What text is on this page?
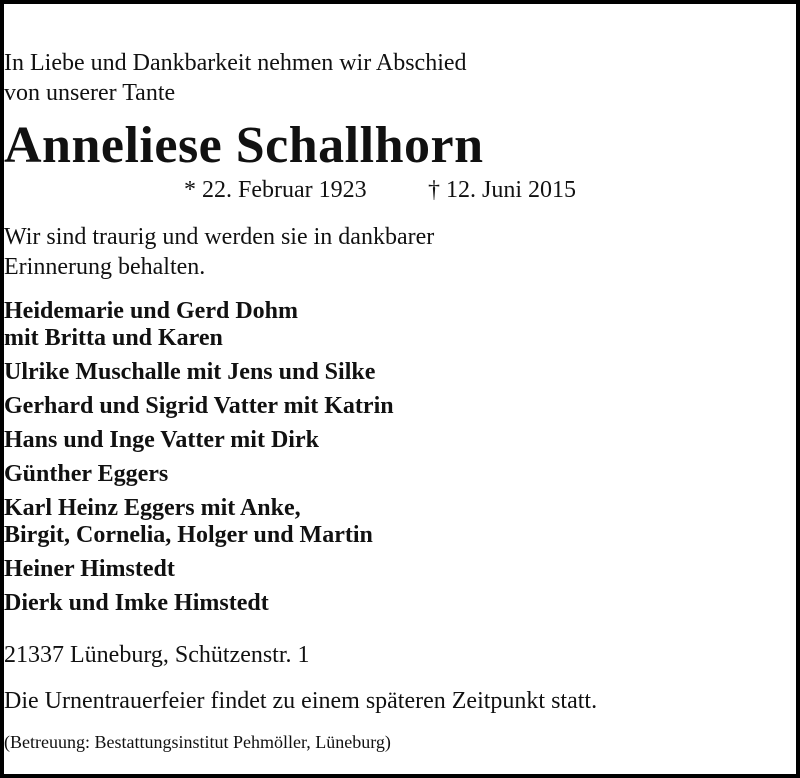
In Liebe und Dankbarkeit nehmen wir Abschied
von unserer Tante
Anneliese Schallhorn
* 22. Februar 1923	† 12. Juni 2015
Wir sind traurig und werden sie in dankbarer
Erinnerung behalten.
Heidemarie und Gerd Dohm
mit Britta und Karen
Ulrike Muschalle mit Jens und Silke
Gerhard und Sigrid Vatter mit Katrin
Hans und Inge Vatter mit Dirk
Günther Eggers
Karl Heinz Eggers mit Anke,
Birgit, Cornelia, Holger und Martin
Heiner Himstedt
Dierk und Imke Himstedt
21337 Lüneburg, Schützenstr. 1
Die Urnentrauerfeier findet zu einem späteren Zeitpunkt statt.
(Betreuung: Bestattungsinstitut Pehmöller, Lüneburg)
